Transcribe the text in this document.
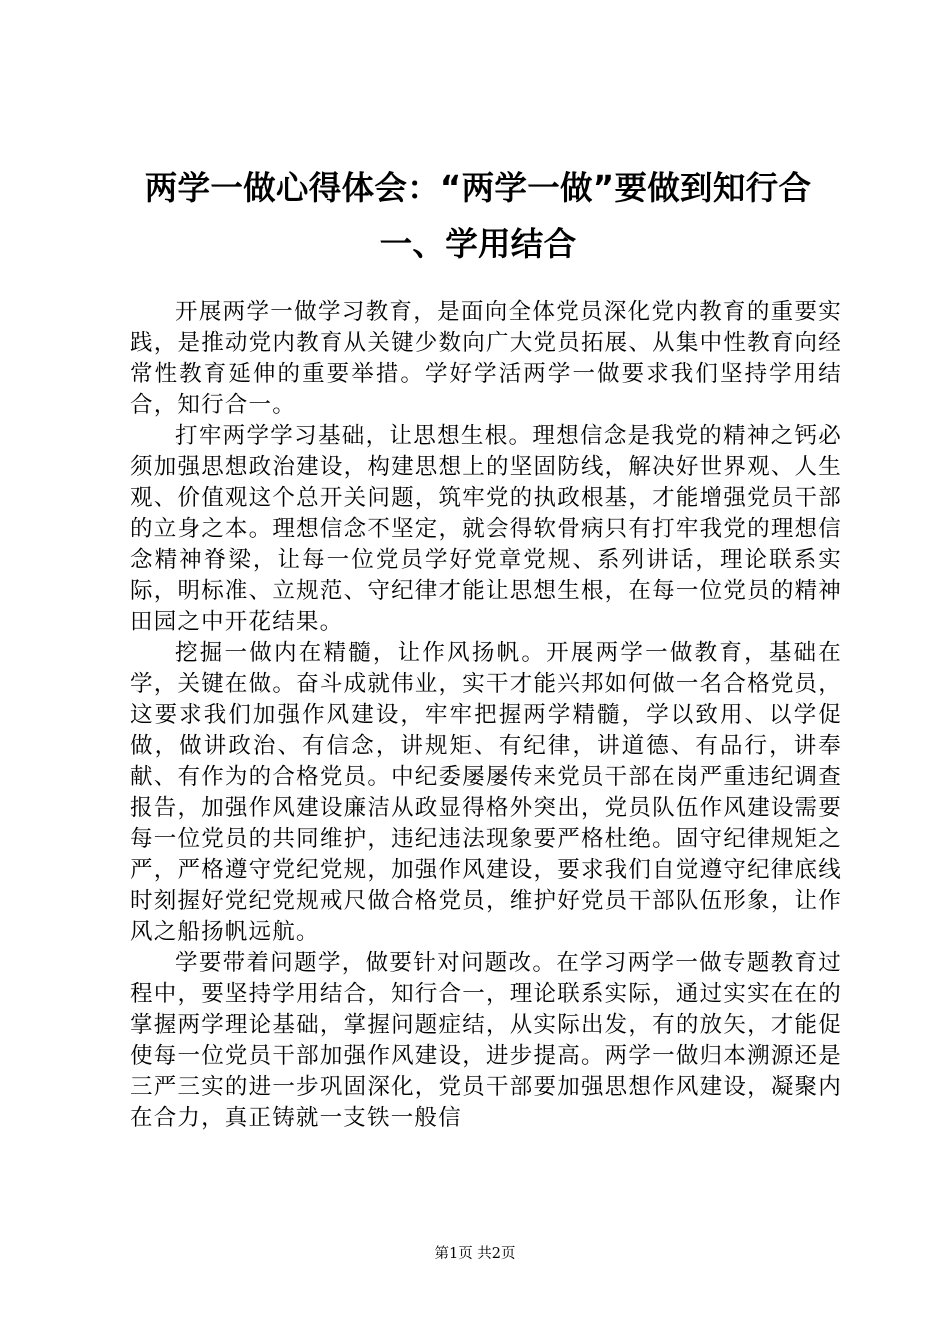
两学一做心得体会：“两学一做”要做到知行合一、学用结合

开展两学一做学习教育，是面向全体党员深化党内教育的重要实践，是推动党内教育从关键少数向广大党员拓展、从集中性教育向经常性教育延伸的重要举措。学好学活两学一做要求我们坚持学用结合，知行合一。

打牢两学学习基础，让思想生根。理想信念是我党的精神之钙必须加强思想政治建设，构建思想上的坚固防线，解决好世界观、人生观、价值观这个总开关问题，筑牢党的执政根基，才能增强党员干部的立身之本。理想信念不坚定，就会得软骨病只有打牢我党的理想信念精神脊梁，让每一位党员学好党章党规、系列讲话，理论联系实际，明标准、立规范、守纪律才能让思想生根，在每一位党员的精神田园之中开花结果。

挖掘一做内在精髓，让作风扬帆。开展两学一做教育，基础在学，关键在做。奋斗成就伟业，实干才能兴邦如何做一名合格党员，这要求我们加强作风建设，牢牢把握两学精髓，学以致用、以学促做，做讲政治、有信念，讲规矩、有纪律，讲道德、有品行，讲奉献、有作为的合格党员。中纪委屡屡传来党员干部在岗严重违纪调查报告，加强作风建设廉洁从政显得格外突出，党员队伍作风建设需要每一位党员的共同维护，违纪违法现象要严格杜绝。固守纪律规矩之严，严格遵守党纪党规，加强作风建设，要求我们自觉遵守纪律底线时刻握好党纪党规戒尺做合格党员，维护好党员干部队伍形象，让作风之船扬帆远航。

学要带着问题学，做要针对问题改。在学习两学一做专题教育过程中，要坚持学用结合，知行合一，理论联系实际，通过实实在在的掌握两学理论基础，掌握问题症结，从实际出发，有的放矢，才能促使每一位党员干部加强作风建设，进步提高。两学一做归本溯源还是三严三实的进一步巩固深化，党员干部要加强思想作风建设，凝聚内在合力，真正铸就一支铁一般信

第1页 共2页
